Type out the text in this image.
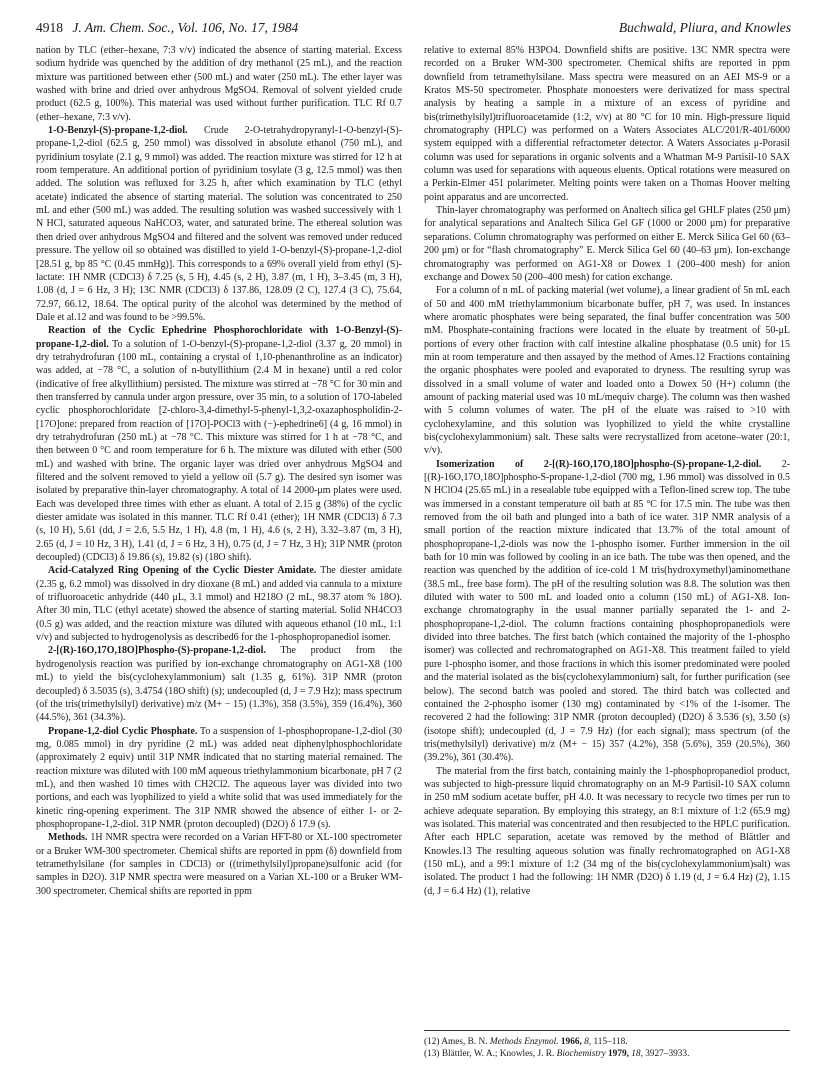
4918 J. Am. Chem. Soc., Vol. 106, No. 17, 1984	Buchwald, Pliura, and Knowles

nation by TLC (ether–hexane, 7:3 v/v) indicated the absence of starting material. Excess sodium hydride was quenched by the addition of dry methanol (25 mL), and the reaction mixture was partitioned between ether (500 mL) and water (250 mL). The ether layer was washed with brine and dried over anhydrous MgSO4. Removal of solvent yielded crude product (62.5 g, 100%). This material was used without further purification. TLC Rf 0.7 (ether–hexane, 7:3 v/v).

1-O-Benzyl-(S)-propane-1,2-diol. Crude 2-O-tetrahydropyranyl-1-O-benzyl-(S)-propane-1,2-diol (62.5 g, 250 mmol) was dissolved in absolute ethanol (750 mL), and pyridinium tosylate (2.1 g, 9 mmol) was added. The reaction mixture was stirred for 12 h at room temperature. An additional portion of pyridinium tosylate (3 g, 12.5 mmol) was then added. The solution was refluxed for 3.25 h, after which examination by TLC (ethyl acetate) indicated the absence of starting material. The solution was concentrated to 250 mL and ether (500 mL) was added. The resulting solution was washed successively with 1 N HCl, saturated aqueous NaHCO3, water, and saturated brine. The ethereal solution was then dried over anhydrous MgSO4 and filtered and the solvent was removed under reduced pressure. The yellow oil so obtained was distilled to yield 1-O-benzyl-(S)-propane-1,2-diol [28.51 g, bp 85 °C (0.45 mmHg)]. This corresponds to a 69% overall yield from ethyl (S)-lactate: 1H NMR (CDCl3) δ 7.25 (s, 5 H), 4.45 (s, 2 H), 3.87 (m, 1 H), 3–3.45 (m, 3 H), 1.08 (d, J = 6 Hz, 3 H); 13C NMR (CDCl3) δ 137.86, 128.09 (2 C), 127.4 (3 C), 75.64, 72.97, 66.12, 18.64. The optical purity of the alcohol was determined by the method of Dale et al.12 and was found to be >99.5%.

Reaction of the Cyclic Ephedrine Phosphorochloridate with 1-O-Benzyl-(S)-propane-1,2-diol. To a solution of 1-O-benzyl-(S)-propane-1,2-diol (3.37 g, 20 mmol) in dry tetrahydrofuran (100 mL, containing a crystal of 1,10-phenanthroline as an indicator) was added, at −78 °C, a solution of n-butyllithium (2.4 M in hexane) until a red color (indicative of free alkyllithium) persisted. The mixture was stirred at −78 °C for 30 min and then transferred by cannula under argon pressure, over 35 min, to a solution of 17O-labeled cyclic phosphorochloridate [2-chloro-3,4-dimethyl-5-phenyl-1,3,2-oxazaphospholidin-2-[17O]one: prepared from reaction of [17O]-POCl3 with (−)-ephedrine6] (4 g, 16 mmol) in dry tetrahydrofuran (250 mL) at −78 °C. This mixture was stirred for 1 h at −78 °C, and then between 0 °C and room temperature for 6 h. The mixture was diluted with ether (500 mL) and washed with brine. The organic layer was dried over anhydrous MgSO4 and filtered and the solvent removed to yield a yellow oil (5.7 g). The desired syn isomer was isolated by preparative thin-layer chromatography. A total of 14 2000-μm plates were used. Each was developed three times with ether as eluant. A total of 2.15 g (38%) of the cyclic diester amidate was isolated in this manner. TLC Rf 0.41 (ether); 1H NMR (CDCl3) δ 7.3 (s, 10 H), 5.61 (dd, J = 2.6, 5.5 Hz, 1 H), 4.8 (m, 1 H), 4.6 (s, 2 H), 3.32–3.87 (m, 3 H), 2.65 (d, J = 10 Hz, 3 H), 1.41 (d, J = 6 Hz, 3 H), 0.75 (d, J = 7 Hz, 3 H); 31P NMR (proton decoupled) (CDCl3) δ 19.86 (s), 19.82 (s) (18O shift).

Acid-Catalyzed Ring Opening of the Cyclic Diester Amidate. The diester amidate (2.35 g, 6.2 mmol) was dissolved in dry dioxane (8 mL) and added via cannula to a mixture of trifluoroacetic anhydride (440 μL, 3.1 mmol) and H218O (2 mL, 98.37 atom % 18O). After 30 min, TLC (ethyl acetate) showed the absence of starting material. Solid NH4CO3 (0.5 g) was added, and the reaction mixture was diluted with aqueous ethanol (10 mL, 1:1 v/v) and subjected to hydrogenolysis as described6 for the 1-phosphopropanediol isomer.

2-[(R)-16O,17O,18O]Phospho-(S)-propane-1,2-diol. The product from the hydrogenolysis reaction was purified by ion-exchange chromatography on AG1-X8 (100 mL) to yield the bis(cyclohexylammonium) salt (1.35 g, 61%). 31P NMR (proton decoupled) δ 3.5035 (s), 3.4754 (18O shift) (s); undecoupled (d, J = 7.9 Hz); mass spectrum (of the tris(trimethylsilyl) derivative) m/z (M+ − 15) (1.3%), 358 (3.5%), 359 (16.4%), 360 (44.5%), 361 (34.3%).

Propane-1,2-diol Cyclic Phosphate. To a suspension of 1-phosphopropane-1,2-diol (30 mg, 0.085 mmol) in dry pyridine (2 mL) was added neat diphenylphosphochloridate (approximately 2 equiv) until 31P NMR indicated that no starting material remained. The reaction mixture was diluted with 100 mM aqueous triethylammonium bicarbonate, pH 7 (2 mL), and then washed 10 times with CH2Cl2. The aqueous layer was divided into two portions, and each was lyophilized to yield a white solid that was used immediately for the kinetic ring-opening experiment. The 31P NMR showed the absence of either 1- or 2-phosphopropane-1,2-diol. 31P NMR (proton decoupled) (D2O) δ 17.9 (s).

Methods. 1H NMR spectra were recorded on a Varian HFT-80 or XL-100 spectrometer or a Bruker WM-300 spectrometer. Chemical shifts are reported in ppm (δ) downfield from tetramethylsilane (for samples in CDCl3) or ((trimethylsilyl)propane)sulfonic acid (for samples in D2O). 31P NMR spectra were measured on a Varian XL-100 or a Bruker WM-300 spectrometer. Chemical shifts are reported in ppm

relative to external 85% H3PO4. Downfield shifts are positive. 13C NMR spectra were recorded on a Bruker WM-300 spectrometer. Chemical shifts are reported in ppm downfield from tetramethylsilane. Mass spectra were measured on an AEI MS-9 or a Kratos MS-50 spectrometer. Phosphate monoesters were derivatized for mass spectral analysis by heating a sample in a mixture of an excess of pyridine and bis(trimethylsilyl)trifluoroacetamide (1:2, v/v) at 80 °C for 10 min. High-pressure liquid chromatography (HPLC) was performed on a Waters Associates ALC/201/R-401/6000 system equipped with a differential refractometer detector. A Waters Associates μ-Porasil column was used for separations in organic solvents and a Whatman M-9 Partisil-10 SAX column was used for separations with aqueous eluents. Optical rotations were measured on a Perkin-Elmer 451 polarimeter. Melting points were taken on a Thomas Hoover melting point apparatus and are uncorrected.

Thin-layer chromatography was performed on Analtech silica gel GHLF plates (250 μm) for analytical separations and Analtech Silica Gel GF (1000 or 2000 μm) for preparative separations. Column chromatography was performed on either E. Merck Silica Gel 60 (63–200 μm) or for “flash chromatography” E. Merck Silica Gel 60 (40–63 μm). Ion-exchange chromatography was performed on AG1-X8 or Dowex 1 (200–400 mesh) for anion exchange and Dowex 50 (200–400 mesh) for cation exchange.

For a column of n mL of packing material (wet volume), a linear gradient of 5n mL each of 50 and 400 mM triethylammonium bicarbonate buffer, pH 7, was used. In instances where aromatic phosphates were being separated, the final buffer concentration was 500 mM. Phosphate-containing fractions were located in the eluate by treatment of 50-μL portions of every other fraction with calf intestine alkaline phosphatase (0.5 unit) for 15 min at room temperature and then assayed by the method of Ames.12 Fractions containing the organic phosphates were pooled and evaporated to dryness. The resulting syrup was dissolved in a small volume of water and loaded onto a Dowex 50 (H+) column (the amount of packing material used was 10 mL/mequiv charge). The column was then washed with 5 column volumes of water. The pH of the eluate was raised to >10 with cyclohexylamine, and this solution was lyophilized to yield the white crystalline bis(cyclohexylammonium) salt. These salts were recrystallized from acetone–water (20:1, v/v).

Isomerization of 2-[(R)-16O,17O,18O]phospho-(S)-propane-1,2-diol. 2-[(R)-16O,17O,18O]phospho-S-propane-1,2-diol (700 mg, 1.96 mmol) was dissolved in 0.5 N HClO4 (25.65 mL) in a resealable tube equipped with a Teflon-lined screw top. The tube was immersed in a constant temperature oil bath at 85 °C for 17.5 min. The tube was then removed from the oil bath and plunged into a bath of ice water. 31P NMR analysis of a small portion of the reaction mixture indicated that 13.7% of the total amount of phosphopropane-1,2-diols was now the 1-phospho isomer. Further immersion in the oil bath for 10 min was followed by cooling in an ice bath. The tube was then opened, and the reaction was quenched by the addition of ice-cold 1 M tris(hydroxymethyl)aminomethane (38.5 mL, free base form). The pH of the resulting solution was 8.8. The solution was then diluted with water to 500 mL and loaded onto a column (150 mL) of AG1-X8. Ion-exchange chromatography in the usual manner partially separated the 1- and 2-phosphopropane-1,2-diol. The column fractions containing phosphopropanediols were divided into three batches. The first batch (which contained the majority of the 1-phospho isomer) was collected and rechromatographed on AG1-X8. This treatment failed to yield pure 1-phospho isomer, and those fractions in which this isomer predominated were pooled and the material isolated as the bis(cyclohexylammonium) salt, for further purification (see below). The second batch was pooled and stored. The third batch was collected and contained the 2-phospho isomer (130 mg) contaminated by <1% of the 1-isomer. The recovered 2 had the following: 31P NMR (proton decoupled) (D2O) δ 3.536 (s), 3.50 (s) (isotope shift); undecoupled (d, J = 7.9 Hz) (for each signal); mass spectrum (of the tris(methylsilyl) derivative) m/z (M+ − 15) 357 (4.2%), 358 (5.6%), 359 (20.5%), 360 (39.2%), 361 (30.4%).

The material from the first batch, containing mainly the 1-phosphopropanediol product, was subjected to high-pressure liquid chromatography on an M-9 Partisil-10 SAX column in 250 mM sodium acetate buffer, pH 4.0. It was necessary to recycle two times per run to achieve adequate separation. By employing this strategy, an 8:1 mixture of 1:2 (65.9 mg) was isolated. This material was concentrated and then resubjected to the HPLC purification. After each HPLC separation, acetate was removed by the method of Blättler and Knowles.13 The resulting aqueous solution was finally rechromatographed on AG1-X8 (150 mL), and a 99:1 mixture of 1:2 (34 mg of the bis(cyclohexylammonium)salt) was isolated. The product 1 had the following: 1H NMR (D2O) δ 1.19 (d, J = 6.4 Hz) (2), 1.15 (d, J = 6.4 Hz) (1), relative

(12) Ames, B. N. Methods Enzymol. 1966, 8, 115–118.
(13) Blättler, W. A.; Knowles, J. R. Biochemistry 1979, 18, 3927–3933.
